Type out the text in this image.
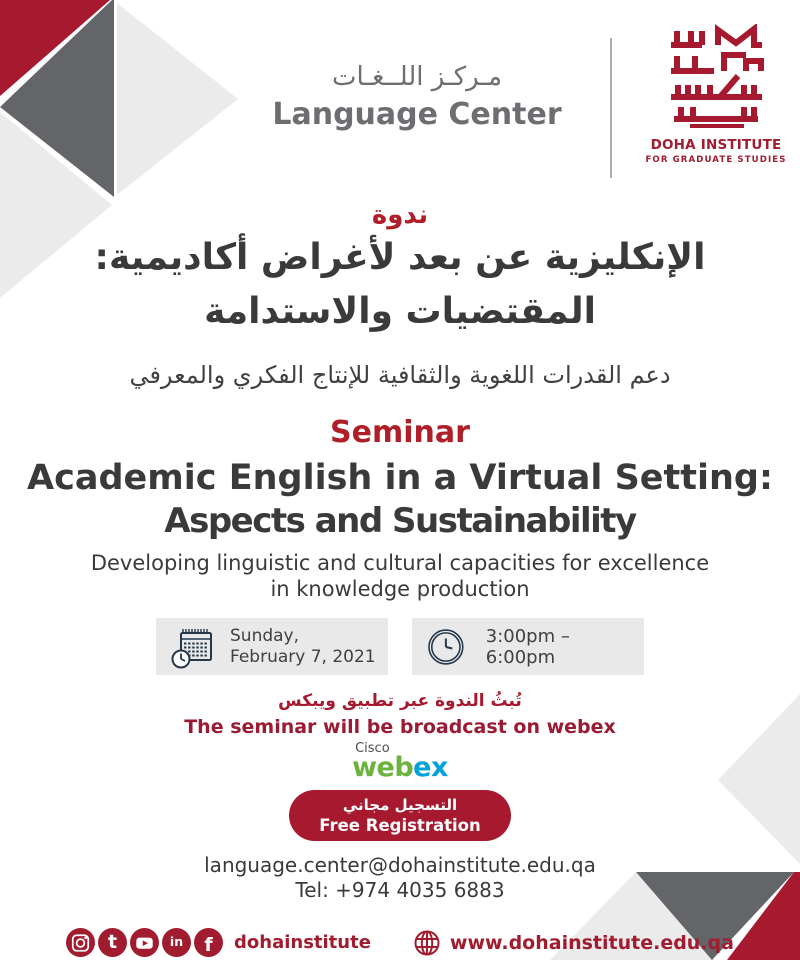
مـركـز اللــغـات
Language Center
DOHA INSTITUTE
FOR GRADUATE STUDIES
ندوة
الإنكليزية عن بعد لأغراض أكاديمية:
المقتضيات والاستدامة
دعم القدرات اللغوية والثقافية للإنتاج الفكري والمعرفي
Seminar
Academic English in a Virtual Setting:
Aspects and Sustainability
Developing linguistic and cultural capacities for excellence
in knowledge production
Sunday,
February 7, 2021
3:00pm – 6:00pm
تُبثُ الندوة عبر تطبيق ويبكس
The seminar will be broadcast on webex
Cisco
webex
التسجيل مجاني
Free Registration
language.center@dohainstitute.edu.qa
Tel: +974 4035 6883
t	in f dohainstitute	www.dohainstitute.edu.qa
